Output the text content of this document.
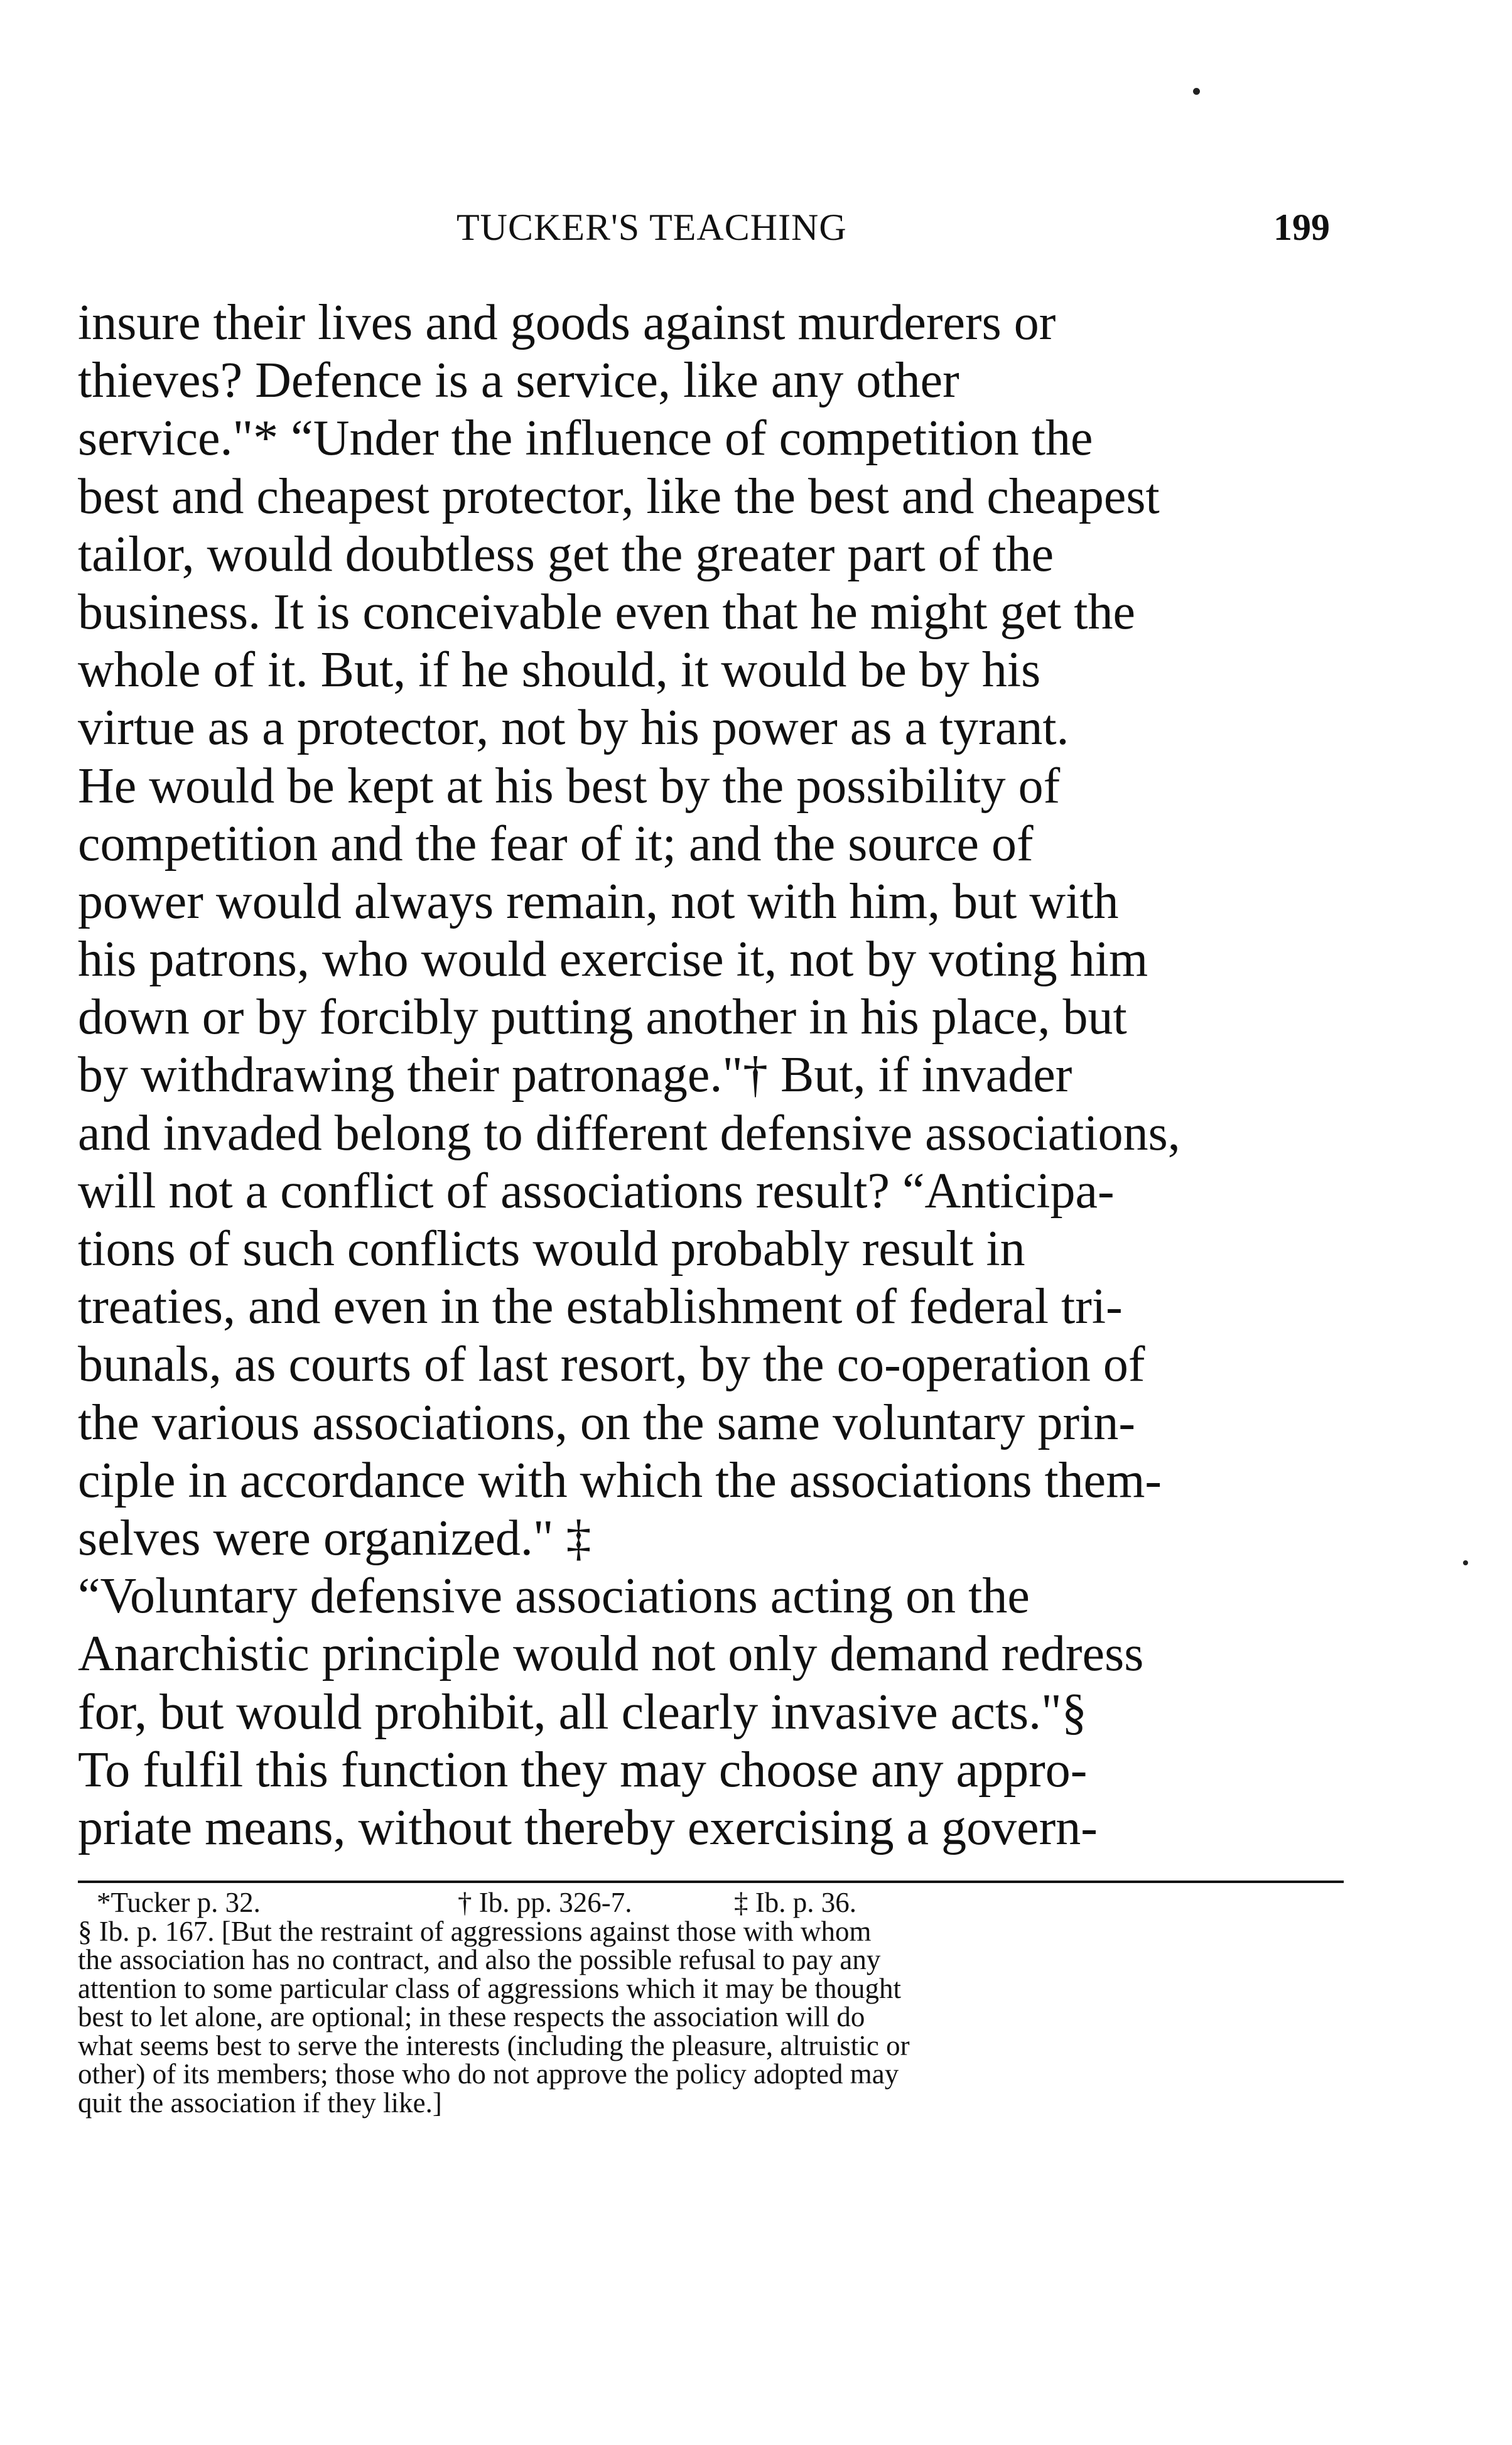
TUCKER'S TEACHING	199
insure their lives and goods against murderers or
thieves? Defence is a service, like any other
service."* “Under the influence of competition the
best and cheapest protector, like the best and cheapest
tailor, would doubtless get the greater part of the
business. It is conceivable even that he might get the
whole of it. But, if he should, it would be by his
virtue as a protector, not by his power as a tyrant.
He would be kept at his best by the possibility of
competition and the fear of it; and the source of
power would always remain, not with him, but with
his patrons, who would exercise it, not by voting him
down or by forcibly putting another in his place, but
by withdrawing their patronage."† But, if invader
and invaded belong to different defensive associations,
will not a conflict of associations result? “Anticipa-
tions of such conflicts would probably result in
treaties, and even in the establishment of federal tri-
bunals, as courts of last resort, by the co-operation of
the various associations, on the same voluntary prin-
ciple in accordance with which the associations them-
selves were organized." ‡
“Voluntary defensive associations acting on the
Anarchistic principle would not only demand redress
for, but would prohibit, all clearly invasive acts."§
To fulfil this function they may choose any appro-
priate means, without thereby exercising a govern-
*Tucker p. 32.	† Ib. pp. 326-7.	‡ Ib. p. 36.
§ Ib. p. 167. [But the restraint of aggressions against those with whom
the association has no contract, and also the possible refusal to pay any
attention to some particular class of aggressions which it may be thought
best to let alone, are optional; in these respects the association will do
what seems best to serve the interests (including the pleasure, altruistic or
other) of its members; those who do not approve the policy adopted may
quit the association if they like.]
